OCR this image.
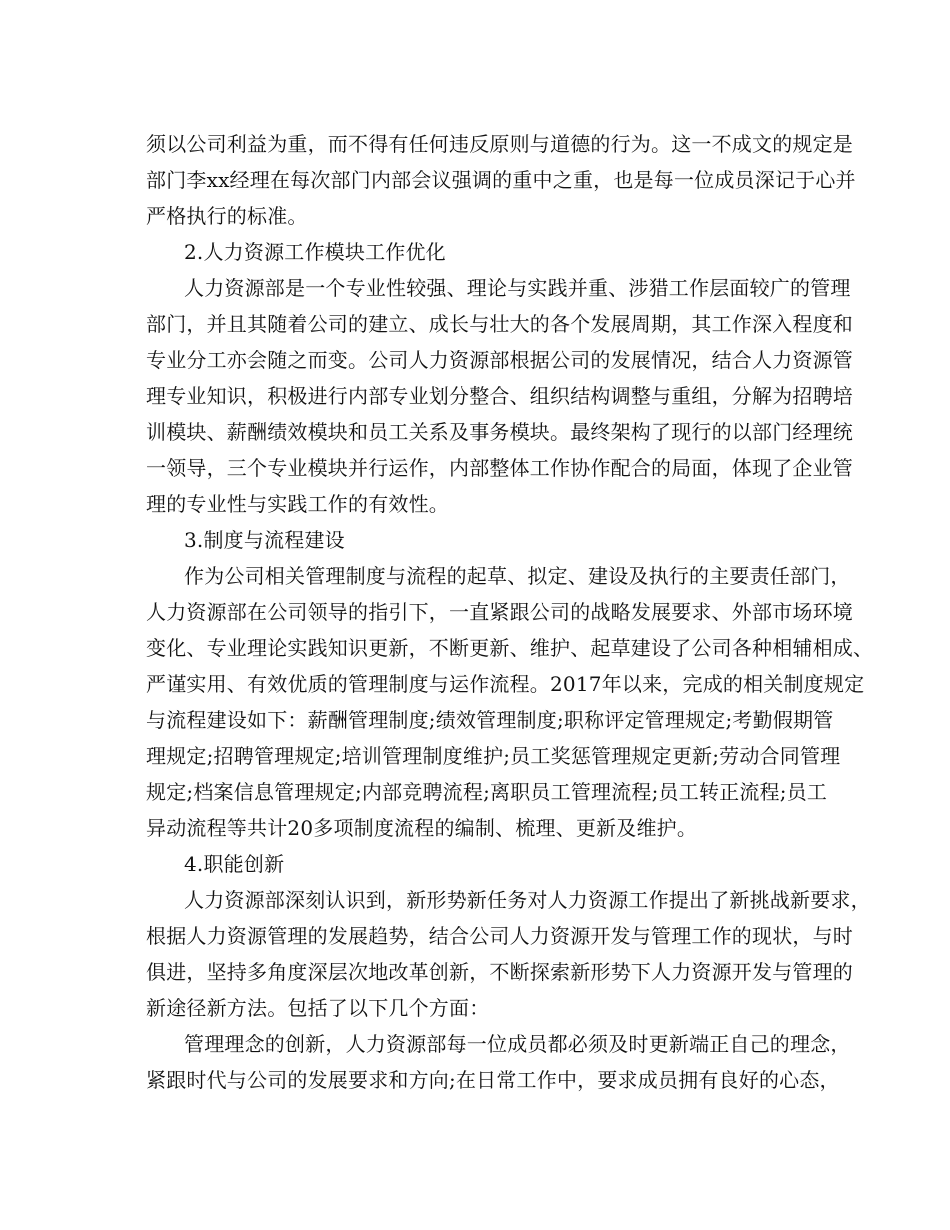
须以公司利益为重，而不得有任何违反原则与道德的行为。这一不成文的规定是
部门李xx经理在每次部门内部会议强调的重中之重，也是每一位成员深记于心并
严格执行的标准。
2.人力资源工作模块工作优化
人力资源部是一个专业性较强、理论与实践并重、涉猎工作层面较广的管理
部门，并且其随着公司的建立、成长与壮大的各个发展周期，其工作深入程度和
专业分工亦会随之而变。公司人力资源部根据公司的发展情况，结合人力资源管
理专业知识，积极进行内部专业划分整合、组织结构调整与重组，分解为招聘培
训模块、薪酬绩效模块和员工关系及事务模块。最终架构了现行的以部门经理统
一领导，三个专业模块并行运作，内部整体工作协作配合的局面，体现了企业管
理的专业性与实践工作的有效性。
3.制度与流程建设
作为公司相关管理制度与流程的起草、拟定、建设及执行的主要责任部门，
人力资源部在公司领导的指引下，一直紧跟公司的战略发展要求、外部市场环境
变化、专业理论实践知识更新，不断更新、维护、起草建设了公司各种相辅相成、
严谨实用、有效优质的管理制度与运作流程。2017年以来，完成的相关制度规定
与流程建设如下：薪酬管理制度;绩效管理制度;职称评定管理规定;考勤假期管
理规定;招聘管理规定;培训管理制度维护;员工奖惩管理规定更新;劳动合同管理
规定;档案信息管理规定;内部竞聘流程;离职员工管理流程;员工转正流程;员工
异动流程等共计20多项制度流程的编制、梳理、更新及维护。
4.职能创新
人力资源部深刻认识到，新形势新任务对人力资源工作提出了新挑战新要求，
根据人力资源管理的发展趋势，结合公司人力资源开发与管理工作的现状，与时
俱进，坚持多角度深层次地改革创新，不断探索新形势下人力资源开发与管理的
新途径新方法。包括了以下几个方面：
管理理念的创新，人力资源部每一位成员都必须及时更新端正自己的理念，
紧跟时代与公司的发展要求和方向;在日常工作中，要求成员拥有良好的心态，
